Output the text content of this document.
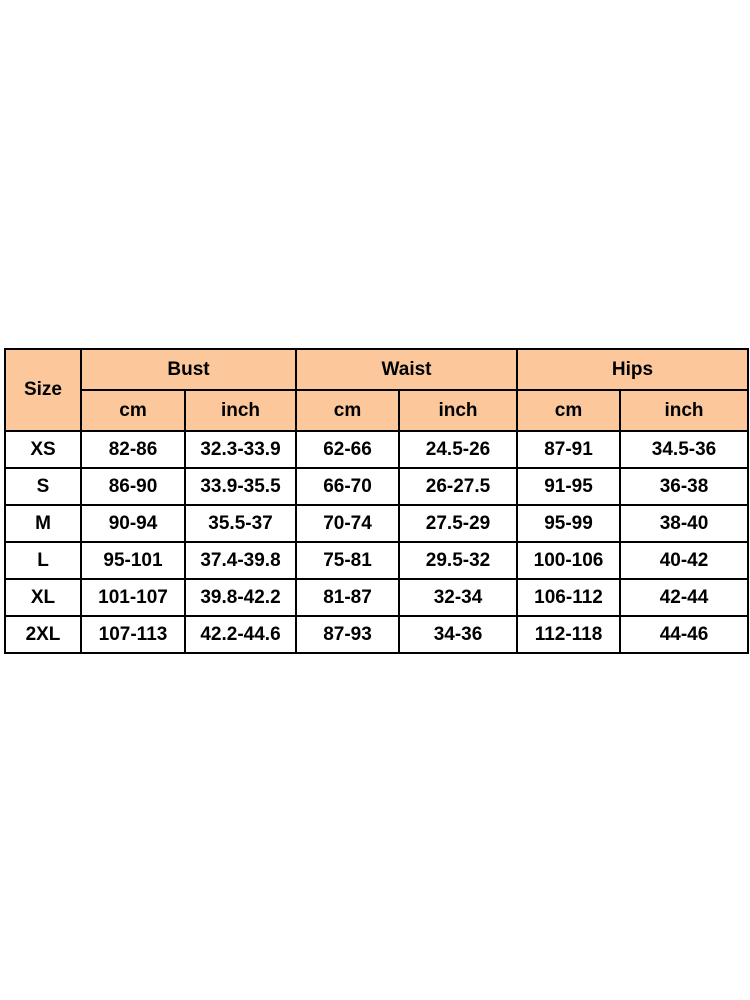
Size	Bust		Waist		Hips	
	cm	inch	cm	inch	cm	inch
XS	82-86	32.3-33.9	62-66	24.5-26	87-91	34.5-36
S	86-90	33.9-35.5	66-70	26-27.5	91-95	36-38
M	90-94	35.5-37	70-74	27.5-29	95-99	38-40
L	95-101	37.4-39.8	75-81	29.5-32	100-106	40-42
XL	101-107	39.8-42.2	81-87	32-34	106-112	42-44
2XL	107-113	42.2-44.6	87-93	34-36	112-118	44-46
